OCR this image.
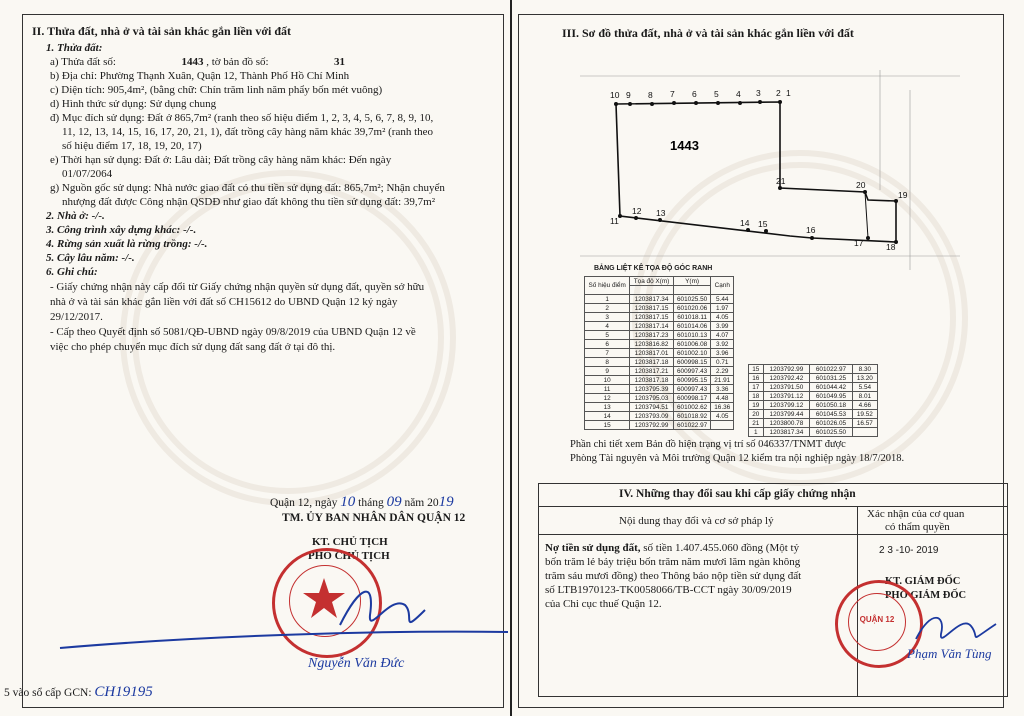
II. Thửa đất, nhà ở và tài sản khác gắn liền với đất
1. Thửa đất:
a) Thửa đất số:	1443 , tờ bản đồ số:	31
b) Địa chỉ: Phường Thạnh Xuân, Quận 12, Thành Phố Hồ Chí Minh
c) Diện tích: 905,4m², (bằng chữ: Chín trăm linh năm phẩy bốn mét vuông)
d) Hình thức sử dụng: Sử dụng chung
đ) Mục đích sử dụng: Đất ở 865,7m² (ranh theo số hiệu điểm 1, 2, 3, 4, 5, 6, 7, 8, 9, 10,
11, 12, 13, 14, 15, 16, 17, 20, 21, 1), đất trồng cây hàng năm khác 39,7m² (ranh theo
số hiệu điểm 17, 18, 19, 20, 17)
e) Thời hạn sử dụng: Đất ở: Lâu dài; Đất trồng cây hàng năm khác: Đến ngày
01/07/2064
g) Nguồn gốc sử dụng: Nhà nước giao đất có thu tiền sử dụng đất: 865,7m²; Nhận chuyển
nhượng đất được Công nhận QSDĐ như giao đất không thu tiền sử dụng đất: 39,7m²
2. Nhà ở: -/-.
3. Công trình xây dựng khác: -/-.
4. Rừng sản xuất là rừng trồng: -/-.
5. Cây lâu năm: -/-.
6. Ghi chú:
- Giấy chứng nhận này cấp đổi từ Giấy chứng nhận quyền sử dụng đất, quyền sở hữu
nhà ở và tài sản khác gắn liền với đất số CH15612 do UBND Quận 12 ký ngày
29/12/2017.
- Cấp theo Quyết định số 5081/QĐ-UBND ngày 09/8/2019 của UBND Quận 12 về
việc cho phép chuyển mục đích sử dụng đất sang đất ở tại đô thị.
Quận 12, ngày 10 tháng 09 năm 2019
TM. ỦY BAN NHÂN DÂN QUẬN 12
KT. CHỦ TỊCH
PHÓ CHỦ TỊCH
Nguyễn Văn Đức
5 vào sổ cấp GCN: CH19195
III. Sơ đồ thửa đất, nhà ở và tài sản khác gắn liền với đất
10 9 8 7 6 5 4 3 2 1
21	20
19
11
12 13
14 15
16
17	18
1443
BẢNG LIỆT KÊ TỌA ĐỘ GÓC RANH
Số hiệu điểm	Tọa độ X(m)	Y(m)	Cạnh

1	1203817.34	601025.50	5.44
2	1203817.15	601020.06	1.97
3	1203817.15	601018.11	4.05
4	1203817.14	601014.06	3.99
5	1203817.23	601010.13	4.07
6	1203816.82	601006.08	3.92
7	1203817.01	601002.10	3.96
8	1203817.18	600998.15	0.71
9	1203817.21	600997.43	2.29
10	1203817.18	600995.15	21.91
11	1203795.39	600997.43	3.36
12	1203795.03	600998.17	4.48
13	1203794.51	601002.62	16.36
14	1203793.09	601018.92	4.05
15	1203792.99	601022.97	
15	1203792.99	601022.97	8.30
16	1203792.42	601031.25	13.20
17	1203791.50	601044.42	5.54
18	1203791.12	601049.95	8.01
19	1203799.12	601050.18	4.66
20	1203799.44	601045.53	19.52
21	1203800.78	601026.05	16.57
1	1203817.34	601025.50	
Phần chi tiết xem Bản đồ hiện trạng vị trí số 046337/TNMT được
Phòng Tài nguyên và Môi trường Quận 12 kiểm tra nội nghiệp ngày 18/7/2018.
IV. Những thay đổi sau khi cấp giấy chứng nhận
Nội dung thay đổi và cơ sở pháp lý
Xác nhận của cơ quan
có thẩm quyền
Nợ tiền sử dụng đất, số tiền 1.407.455.060 đồng (Một tỷ
bốn trăm lẻ bảy triệu bốn trăm năm mươi lăm ngàn không
trăm sáu mươi đồng) theo Thông báo nộp tiền sử dụng đất
số LTB1970123-TK0058066/TB-CCT ngày 30/09/2019
của Chi cục thuế Quận 12.
2 3 -10- 2019
KT. GIÁM ĐỐC
PHÓ GIÁM ĐỐC
QUẬN 12
Phạm Văn Tùng
